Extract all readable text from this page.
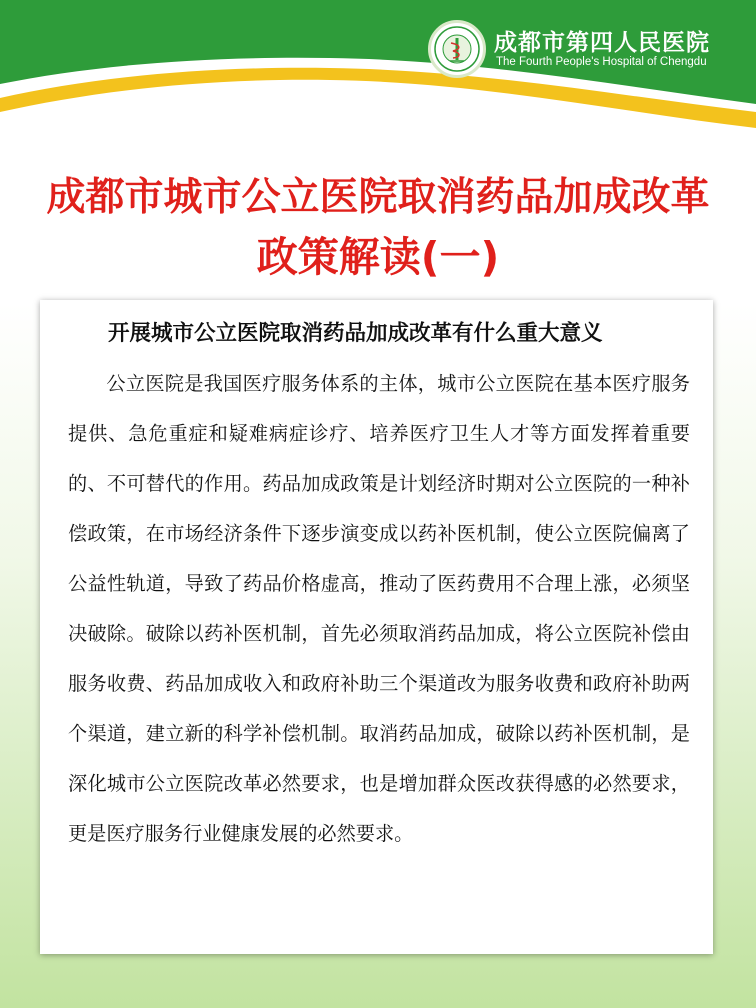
成都市第四人民医院
The Fourth People's Hospital of Chengdu
成都市城市公立医院取消药品加成改革
政策解读(一)
开展城市公立医院取消药品加成改革有什么重大意义

公立医院是我国医疗服务体系的主体，城市公立医院在基本医疗服务提供、急危重症和疑难病症诊疗、培养医疗卫生人才等方面发挥着重要的、不可替代的作用。药品加成政策是计划经济时期对公立医院的一种补偿政策，在市场经济条件下逐步演变成以药补医机制，使公立医院偏离了公益性轨道，导致了药品价格虚高，推动了医药费用不合理上涨，必须坚决破除。破除以药补医机制，首先必须取消药品加成，将公立医院补偿由服务收费、药品加成收入和政府补助三个渠道改为服务收费和政府补助两个渠道，建立新的科学补偿机制。取消药品加成，破除以药补医机制，是深化城市公立医院改革必然要求，也是增加群众医改获得感的必然要求，更是医疗服务行业健康发展的必然要求。
